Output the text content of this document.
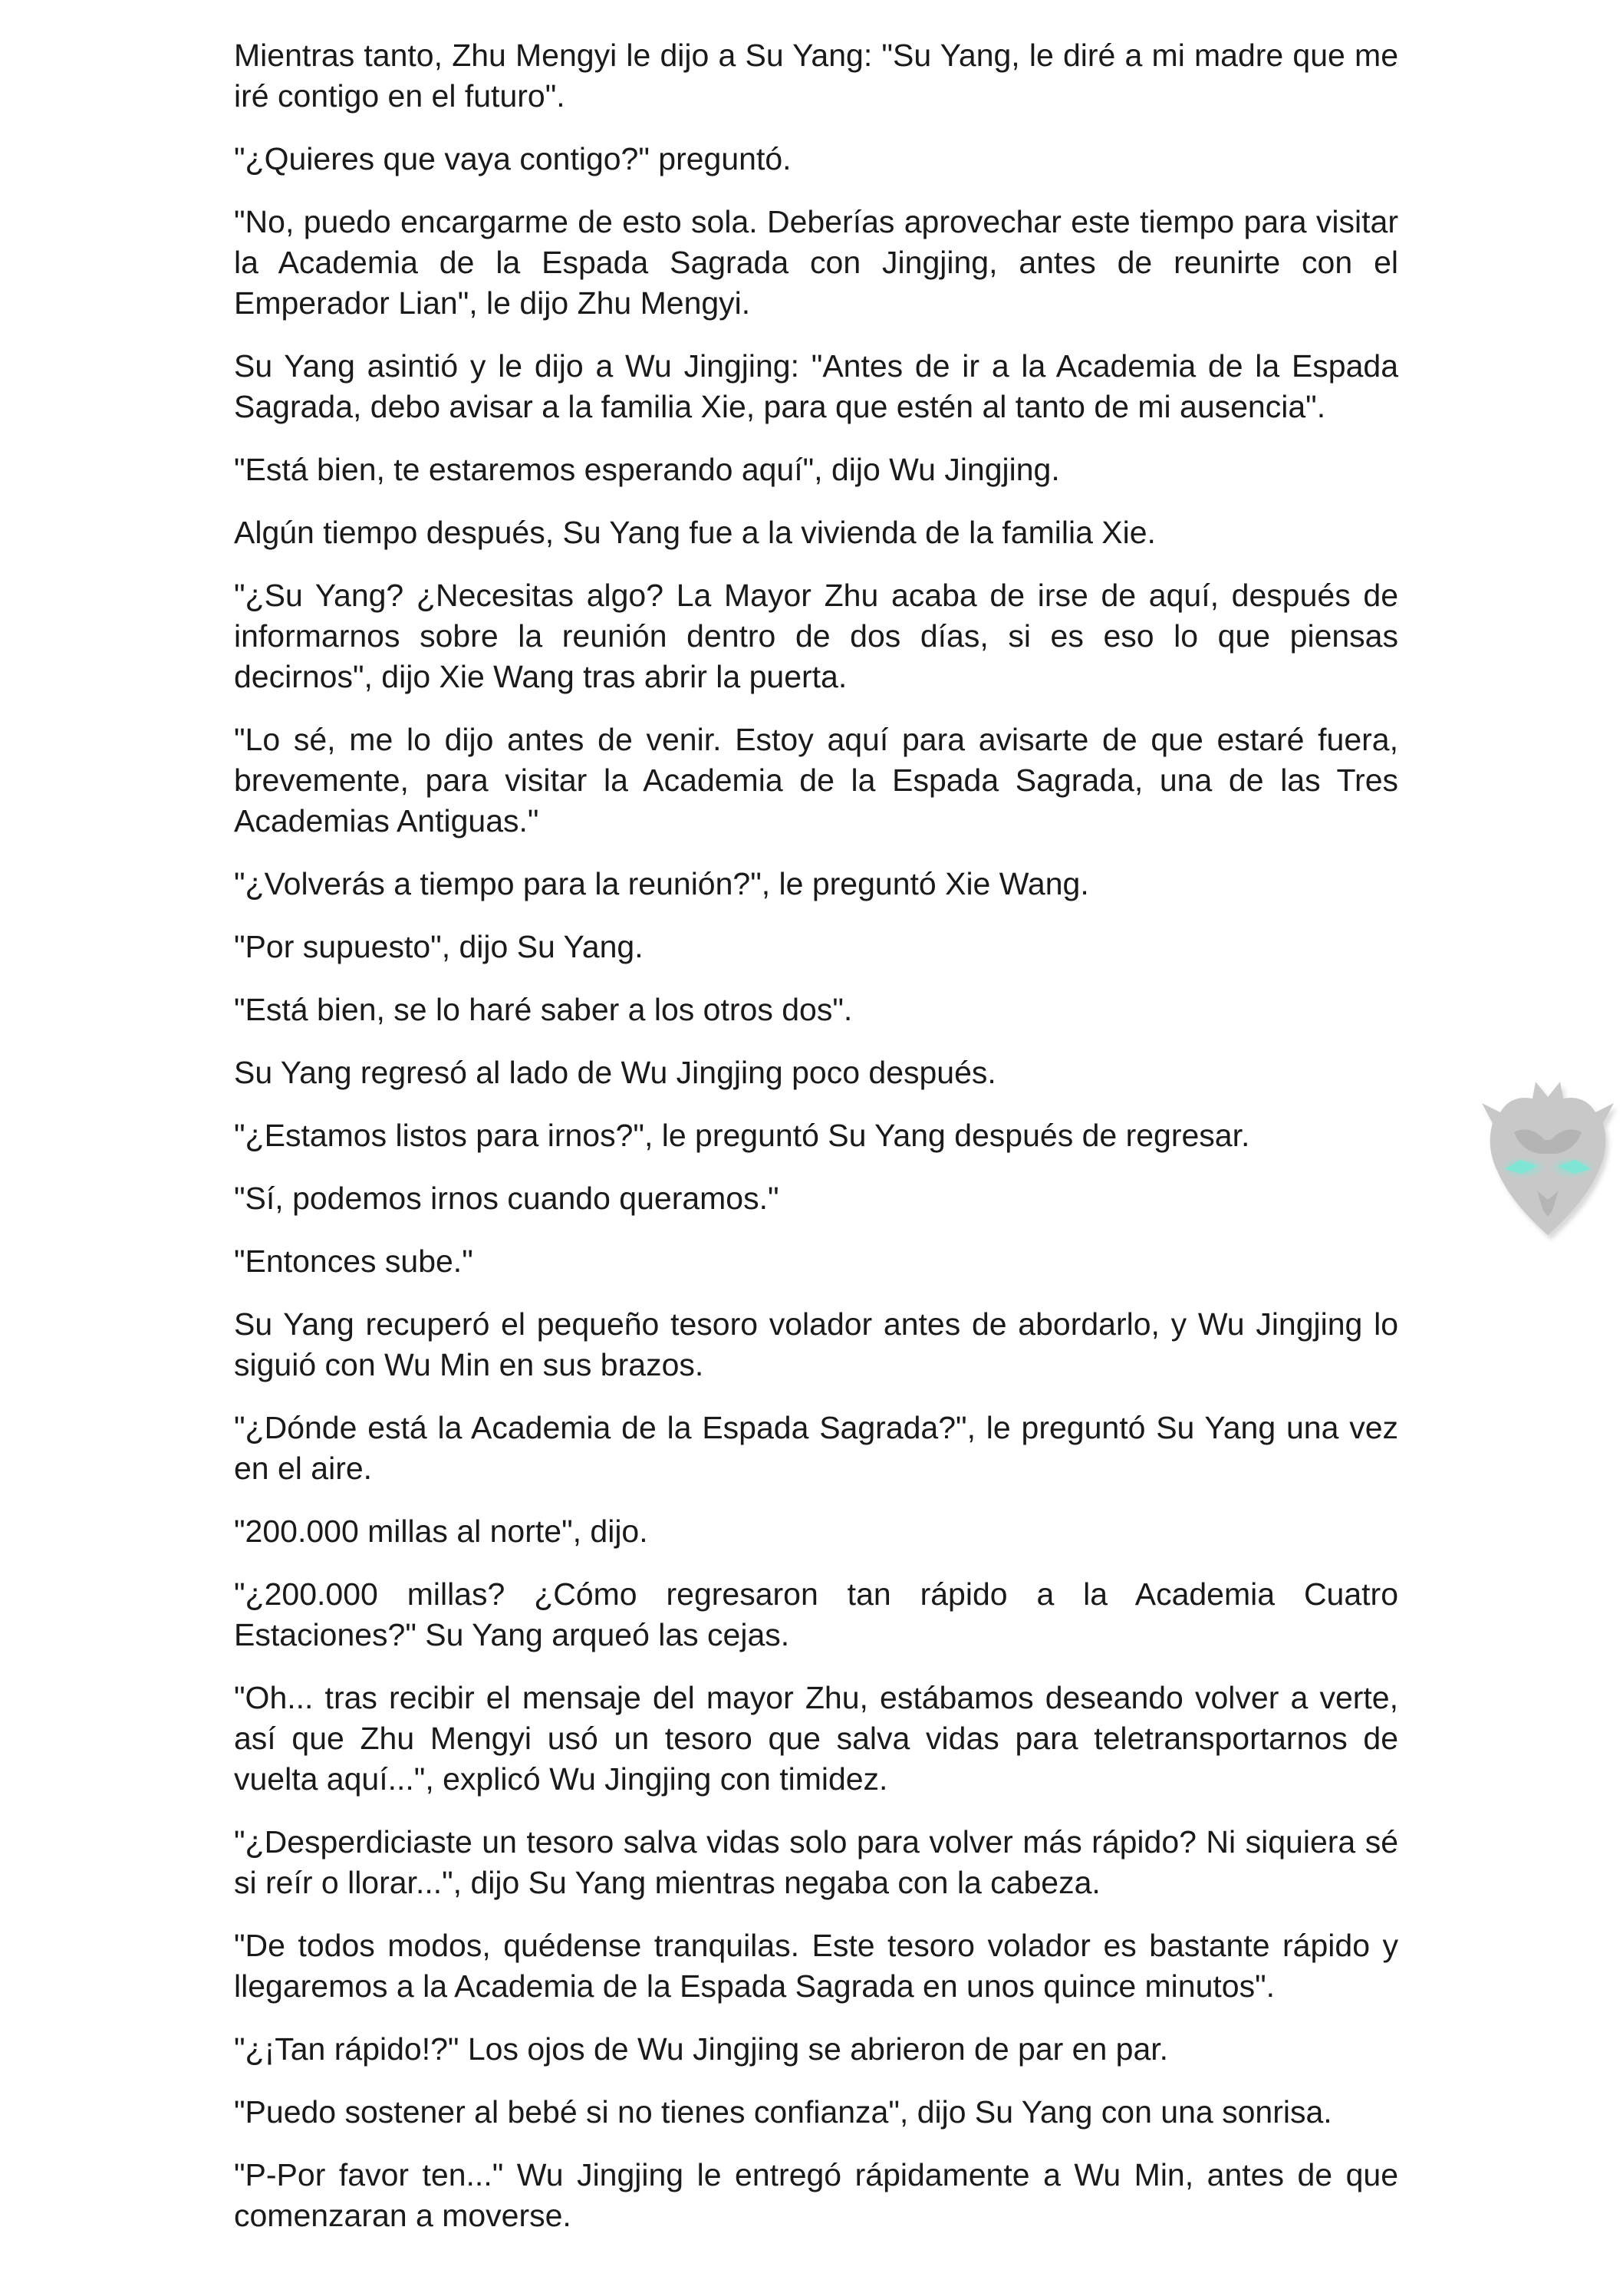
Mientras tanto, Zhu Mengyi le dijo a Su Yang: "Su Yang, le diré a mi madre que me iré contigo en el futuro".

"¿Quieres que vaya contigo?" preguntó.

"No, puedo encargarme de esto sola. Deberías aprovechar este tiempo para visitar la Academia de la Espada Sagrada con Jingjing, antes de reunirte con el Emperador Lian", le dijo Zhu Mengyi.

Su Yang asintió y le dijo a Wu Jingjing: "Antes de ir a la Academia de la Espada Sagrada, debo avisar a la familia Xie, para que estén al tanto de mi ausencia".

"Está bien, te estaremos esperando aquí", dijo Wu Jingjing.

Algún tiempo después, Su Yang fue a la vivienda de la familia Xie.

"¿Su Yang? ¿Necesitas algo? La Mayor Zhu acaba de irse de aquí, después de informarnos sobre la reunión dentro de dos días, si es eso lo que piensas decirnos", dijo Xie Wang tras abrir la puerta.

"Lo sé, me lo dijo antes de venir. Estoy aquí para avisarte de que estaré fuera, brevemente, para visitar la Academia de la Espada Sagrada, una de las Tres Academias Antiguas."

"¿Volverás a tiempo para la reunión?", le preguntó Xie Wang.

"Por supuesto", dijo Su Yang.

"Está bien, se lo haré saber a los otros dos".

Su Yang regresó al lado de Wu Jingjing poco después.

"¿Estamos listos para irnos?", le preguntó Su Yang después de regresar.

"Sí, podemos irnos cuando queramos."

"Entonces sube."

Su Yang recuperó el pequeño tesoro volador antes de abordarlo, y Wu Jingjing lo siguió con Wu Min en sus brazos.

"¿Dónde está la Academia de la Espada Sagrada?", le preguntó Su Yang una vez en el aire.

"200.000 millas al norte", dijo.

"¿200.000 millas? ¿Cómo regresaron tan rápido a la Academia Cuatro Estaciones?" Su Yang arqueó las cejas.

"Oh... tras recibir el mensaje del mayor Zhu, estábamos deseando volver a verte, así que Zhu Mengyi usó un tesoro que salva vidas para teletransportarnos de vuelta aquí...", explicó Wu Jingjing con timidez.

"¿Desperdiciaste un tesoro salva vidas solo para volver más rápido? Ni siquiera sé si reír o llorar...", dijo Su Yang mientras negaba con la cabeza.

"De todos modos, quédense tranquilas. Este tesoro volador es bastante rápido y llegaremos a la Academia de la Espada Sagrada en unos quince minutos".

"¿¡Tan rápido!?" Los ojos de Wu Jingjing se abrieron de par en par.

"Puedo sostener al bebé si no tienes confianza", dijo Su Yang con una sonrisa.

"P-Por favor ten..." Wu Jingjing le entregó rápidamente a Wu Min, antes de que comenzaran a moverse.
